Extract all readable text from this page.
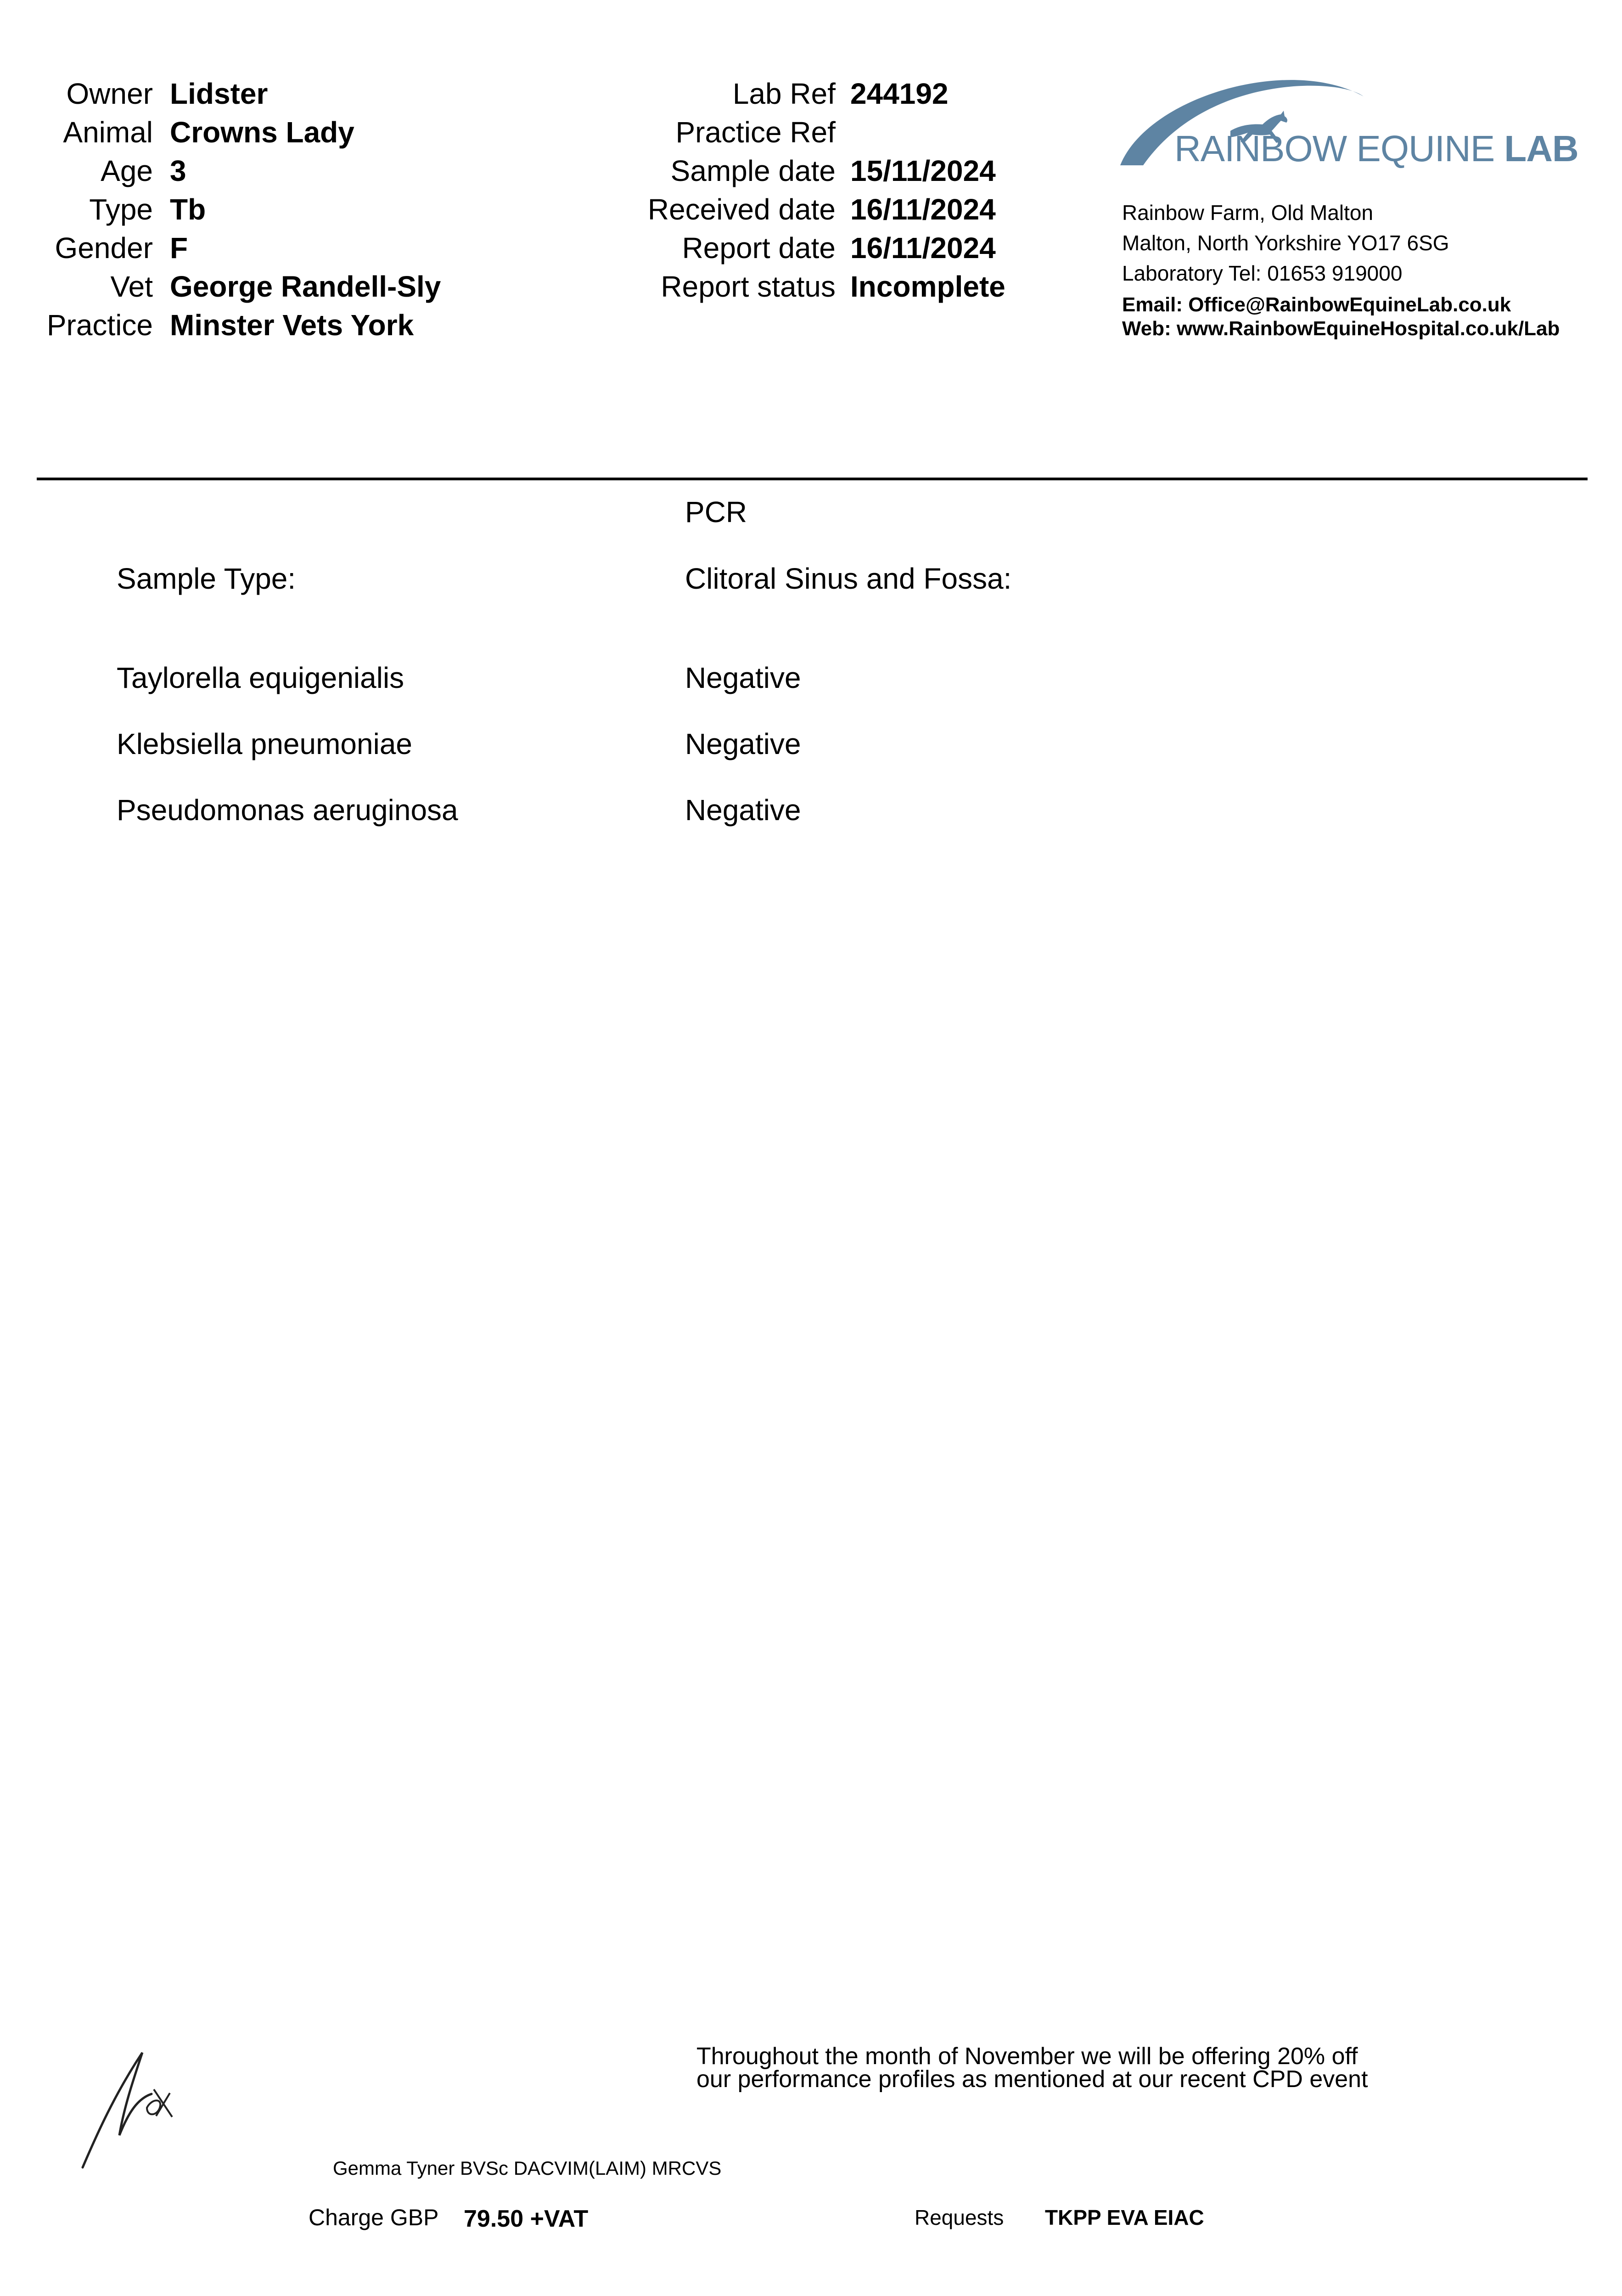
Owner Lidster
Animal Crowns Lady
Age 3
Type Tb
Gender F
Vet George Randell-Sly
Practice Minster Vets York
Lab Ref 244192
Practice Ref
Sample date 15/11/2024
Received date 16/11/2024
Report date 16/11/2024
Report status Incomplete
RAINBOW EQUINE LAB
Rainbow Farm, Old Malton
Malton, North Yorkshire YO17 6SG
Laboratory Tel: 01653 919000
Email: Office@RainbowEquineLab.co.uk
Web: www.RainbowEquineHospital.co.uk/Lab
PCR
Sample Type:	Clitoral Sinus and Fossa:
Taylorella equigenialis	Negative
Klebsiella pneumoniae	Negative
Pseudomonas aeruginosa	Negative
Throughout the month of November we will be offering 20% off
our performance profiles as mentioned at our recent CPD event
Gemma Tyner BVSc DACVIM(LAIM) MRCVS
Charge GBP 79.50 +VAT	Requests TKPP EVA EIAC
